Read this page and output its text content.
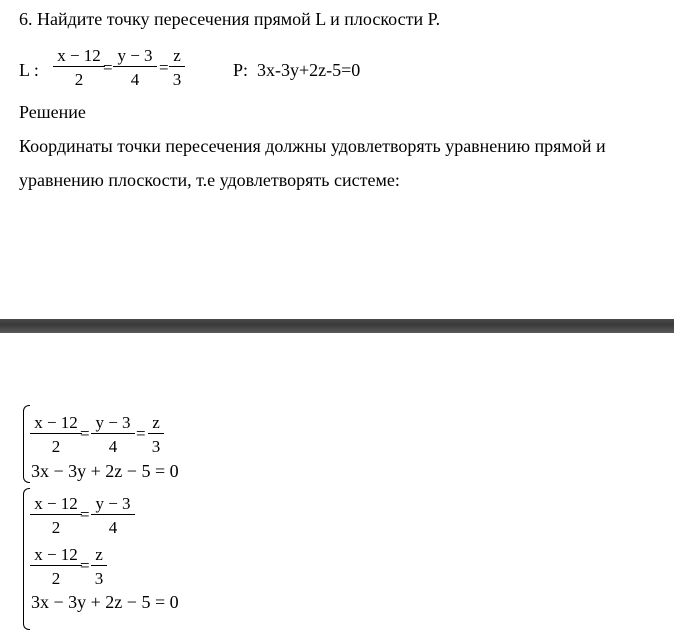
6. Найдите точку пересечения прямой L и плоскости P.
L :
x − 12
2
=
y − 3
4
=
z
3	P: 3x-3y+2z-5=0
Решение
Координаты точки пересечения должны удовлетворять уравнению прямой и
уравнению плоскости, т.е удовлетворять системе:
x − 12
2
=
y − 3
4
=
z
3
3x − 3y + 2z − 5 = 0
x − 12
2
=
y − 3
4
x − 12
2
=
z
3
3x − 3y + 2z − 5 = 0
